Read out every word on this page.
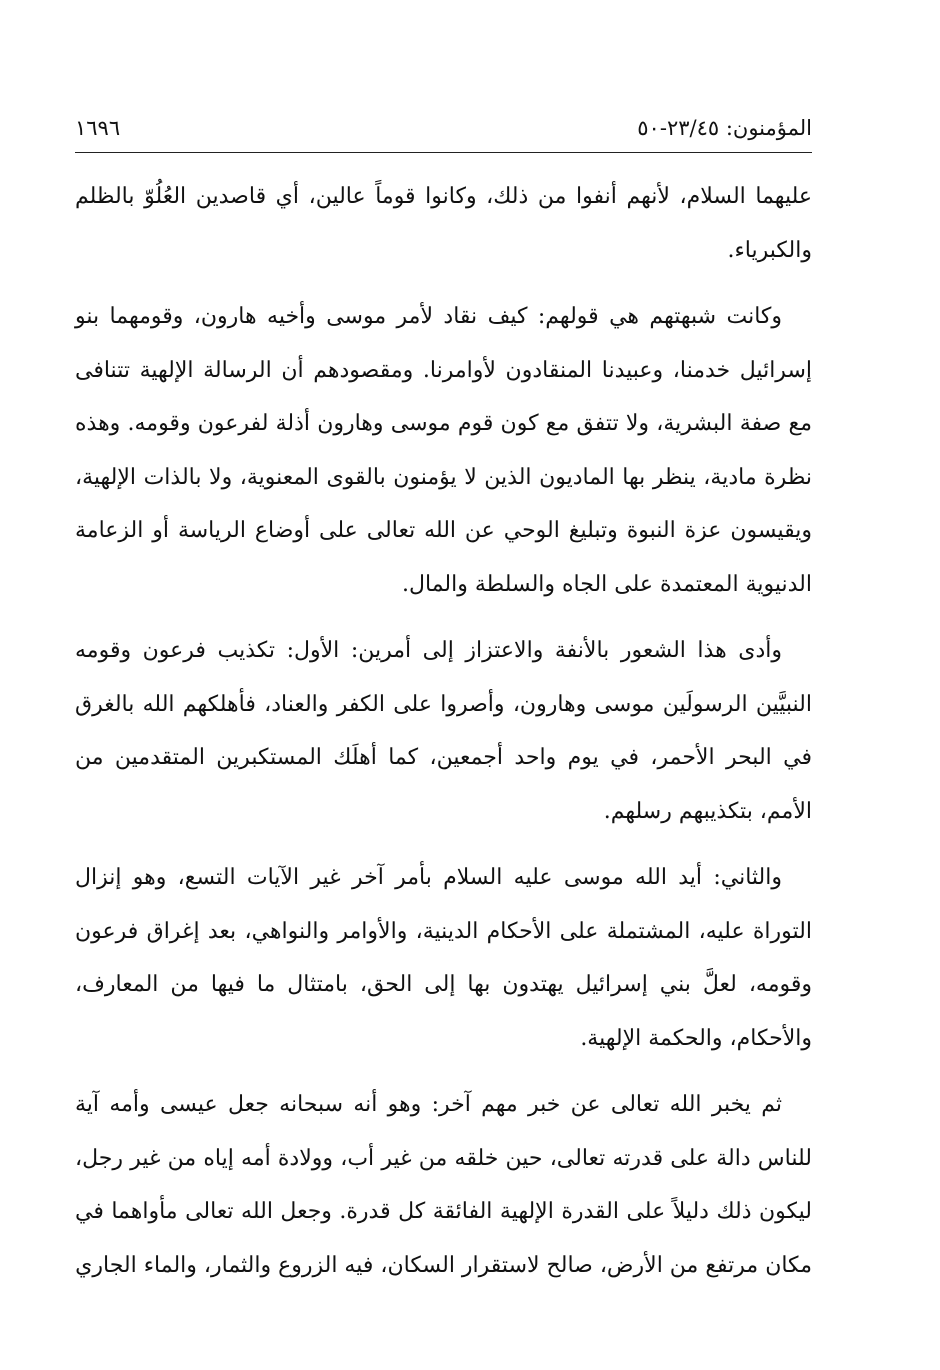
المؤمنون: ٢٣/٤٥-٥٠
١٦٩٦

عليهما السلام، لأنهم أنفوا من ذلك، وكانوا قوماً عالين، أي قاصدين العُلُوّ بالظلم والكبرياء.

وكانت شبهتهم هي قولهم: كيف نقاد لأمر موسى وأخيه هارون، وقومهما بنو إسرائيل خدمنا، وعبيدنا المنقادون لأوامرنا. ومقصودهم أن الرسالة الإلهية تتنافى مع صفة البشرية، ولا تتفق مع كون قوم موسى وهارون أذلة لفرعون وقومه. وهذه نظرة مادية، ينظر بها الماديون الذين لا يؤمنون بالقوى المعنوية، ولا بالذات الإلهية، ويقيسون عزة النبوة وتبليغ الوحي عن الله تعالى على أوضاع الرياسة أو الزعامة الدنيوية المعتمدة على الجاه والسلطة والمال.

وأدى هذا الشعور بالأنفة والاعتزاز إلى أمرين: الأول: تكذيب فرعون وقومه النبيَّين الرسولَين موسى وهارون، وأصروا على الكفر والعناد، فأهلكهم الله بالغرق في البحر الأحمر، في يوم واحد أجمعين، كما أهلَك المستكبرين المتقدمين من الأمم، بتكذيبهم رسلهم.

والثاني: أيد الله موسى عليه السلام بأمر آخر غير الآيات التسع، وهو إنزال التوراة عليه، المشتملة على الأحكام الدينية، والأوامر والنواهي، بعد إغراق فرعون وقومه، لعلَّ بني إسرائيل يهتدون بها إلى الحق، بامتثال ما فيها من المعارف، والأحكام، والحكمة الإلهية.

ثم يخبر الله تعالى عن خبر مهم آخر: وهو أنه سبحانه جعل عيسى وأمه آية للناس دالة على قدرته تعالى، حين خلقه من غير أب، وولادة أمه إياه من غير رجل، ليكون ذلك دليلاً على القدرة الإلهية الفائقة كل قدرة. وجعل الله تعالى مأواهما في مكان مرتفع من الأرض، صالح لاستقرار السكان، فيه الزروع والثمار، والماء الجاري
